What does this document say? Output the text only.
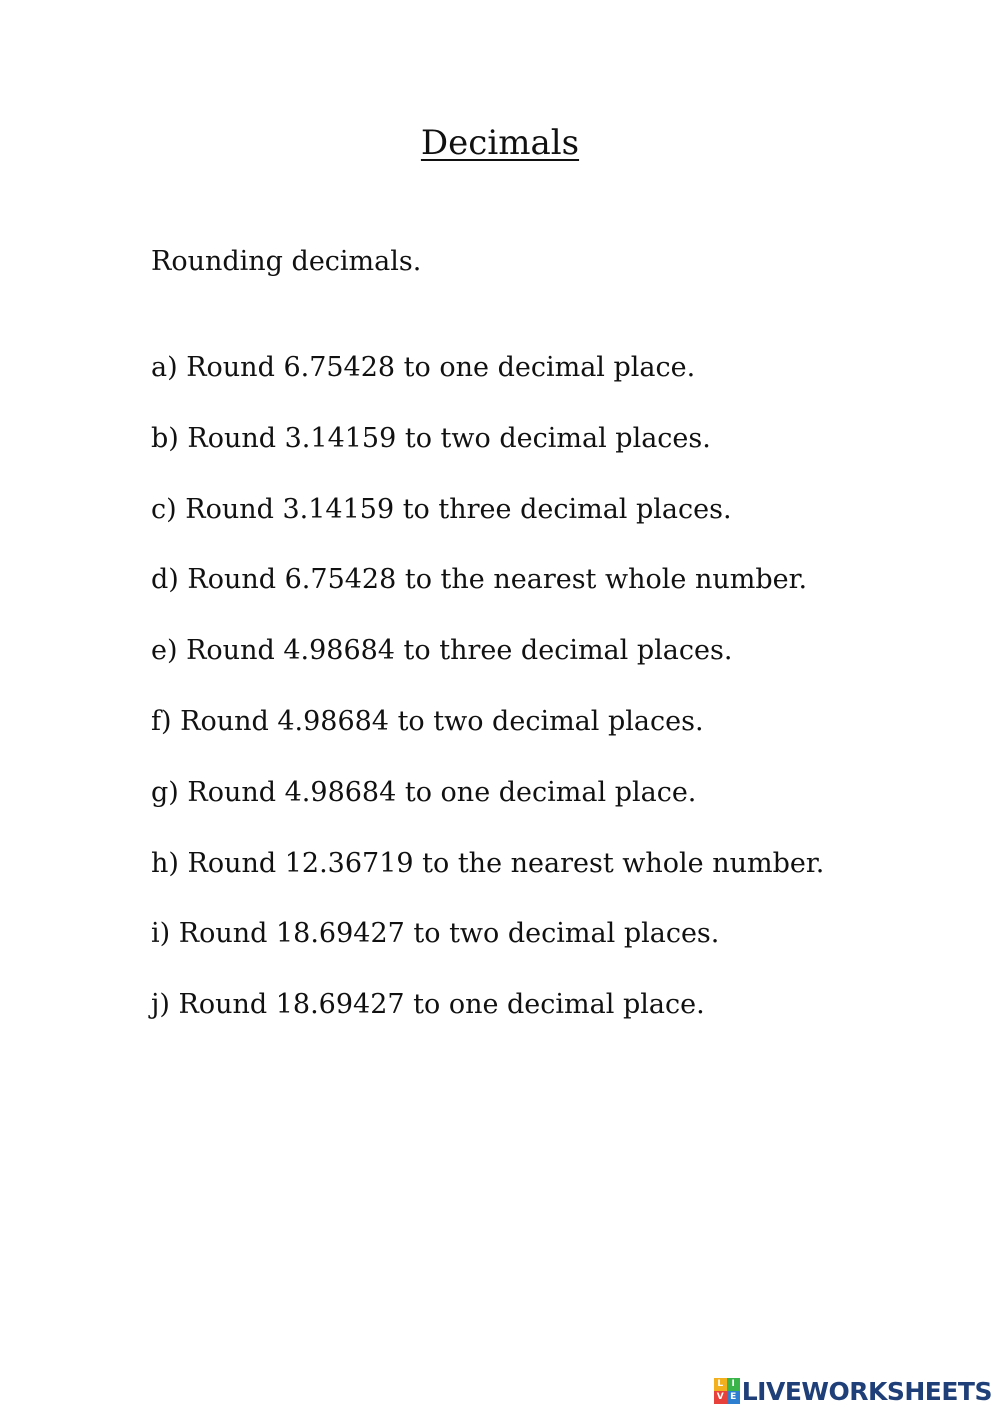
Decimals

Rounding decimals.

a) Round 6.75428 to one decimal place.
b) Round 3.14159 to two decimal places.
c) Round 3.14159 to three decimal places.
d) Round 6.75428 to the nearest whole number.
e) Round 4.98684 to three decimal places.
f) Round 4.98684 to two decimal places.
g) Round 4.98684 to one decimal place.
h) Round 12.36719 to the nearest whole number.
i) Round 18.69427 to two decimal places.
j) Round 18.69427 to one decimal place.
L I
V E LIVEWORKSHEETS
